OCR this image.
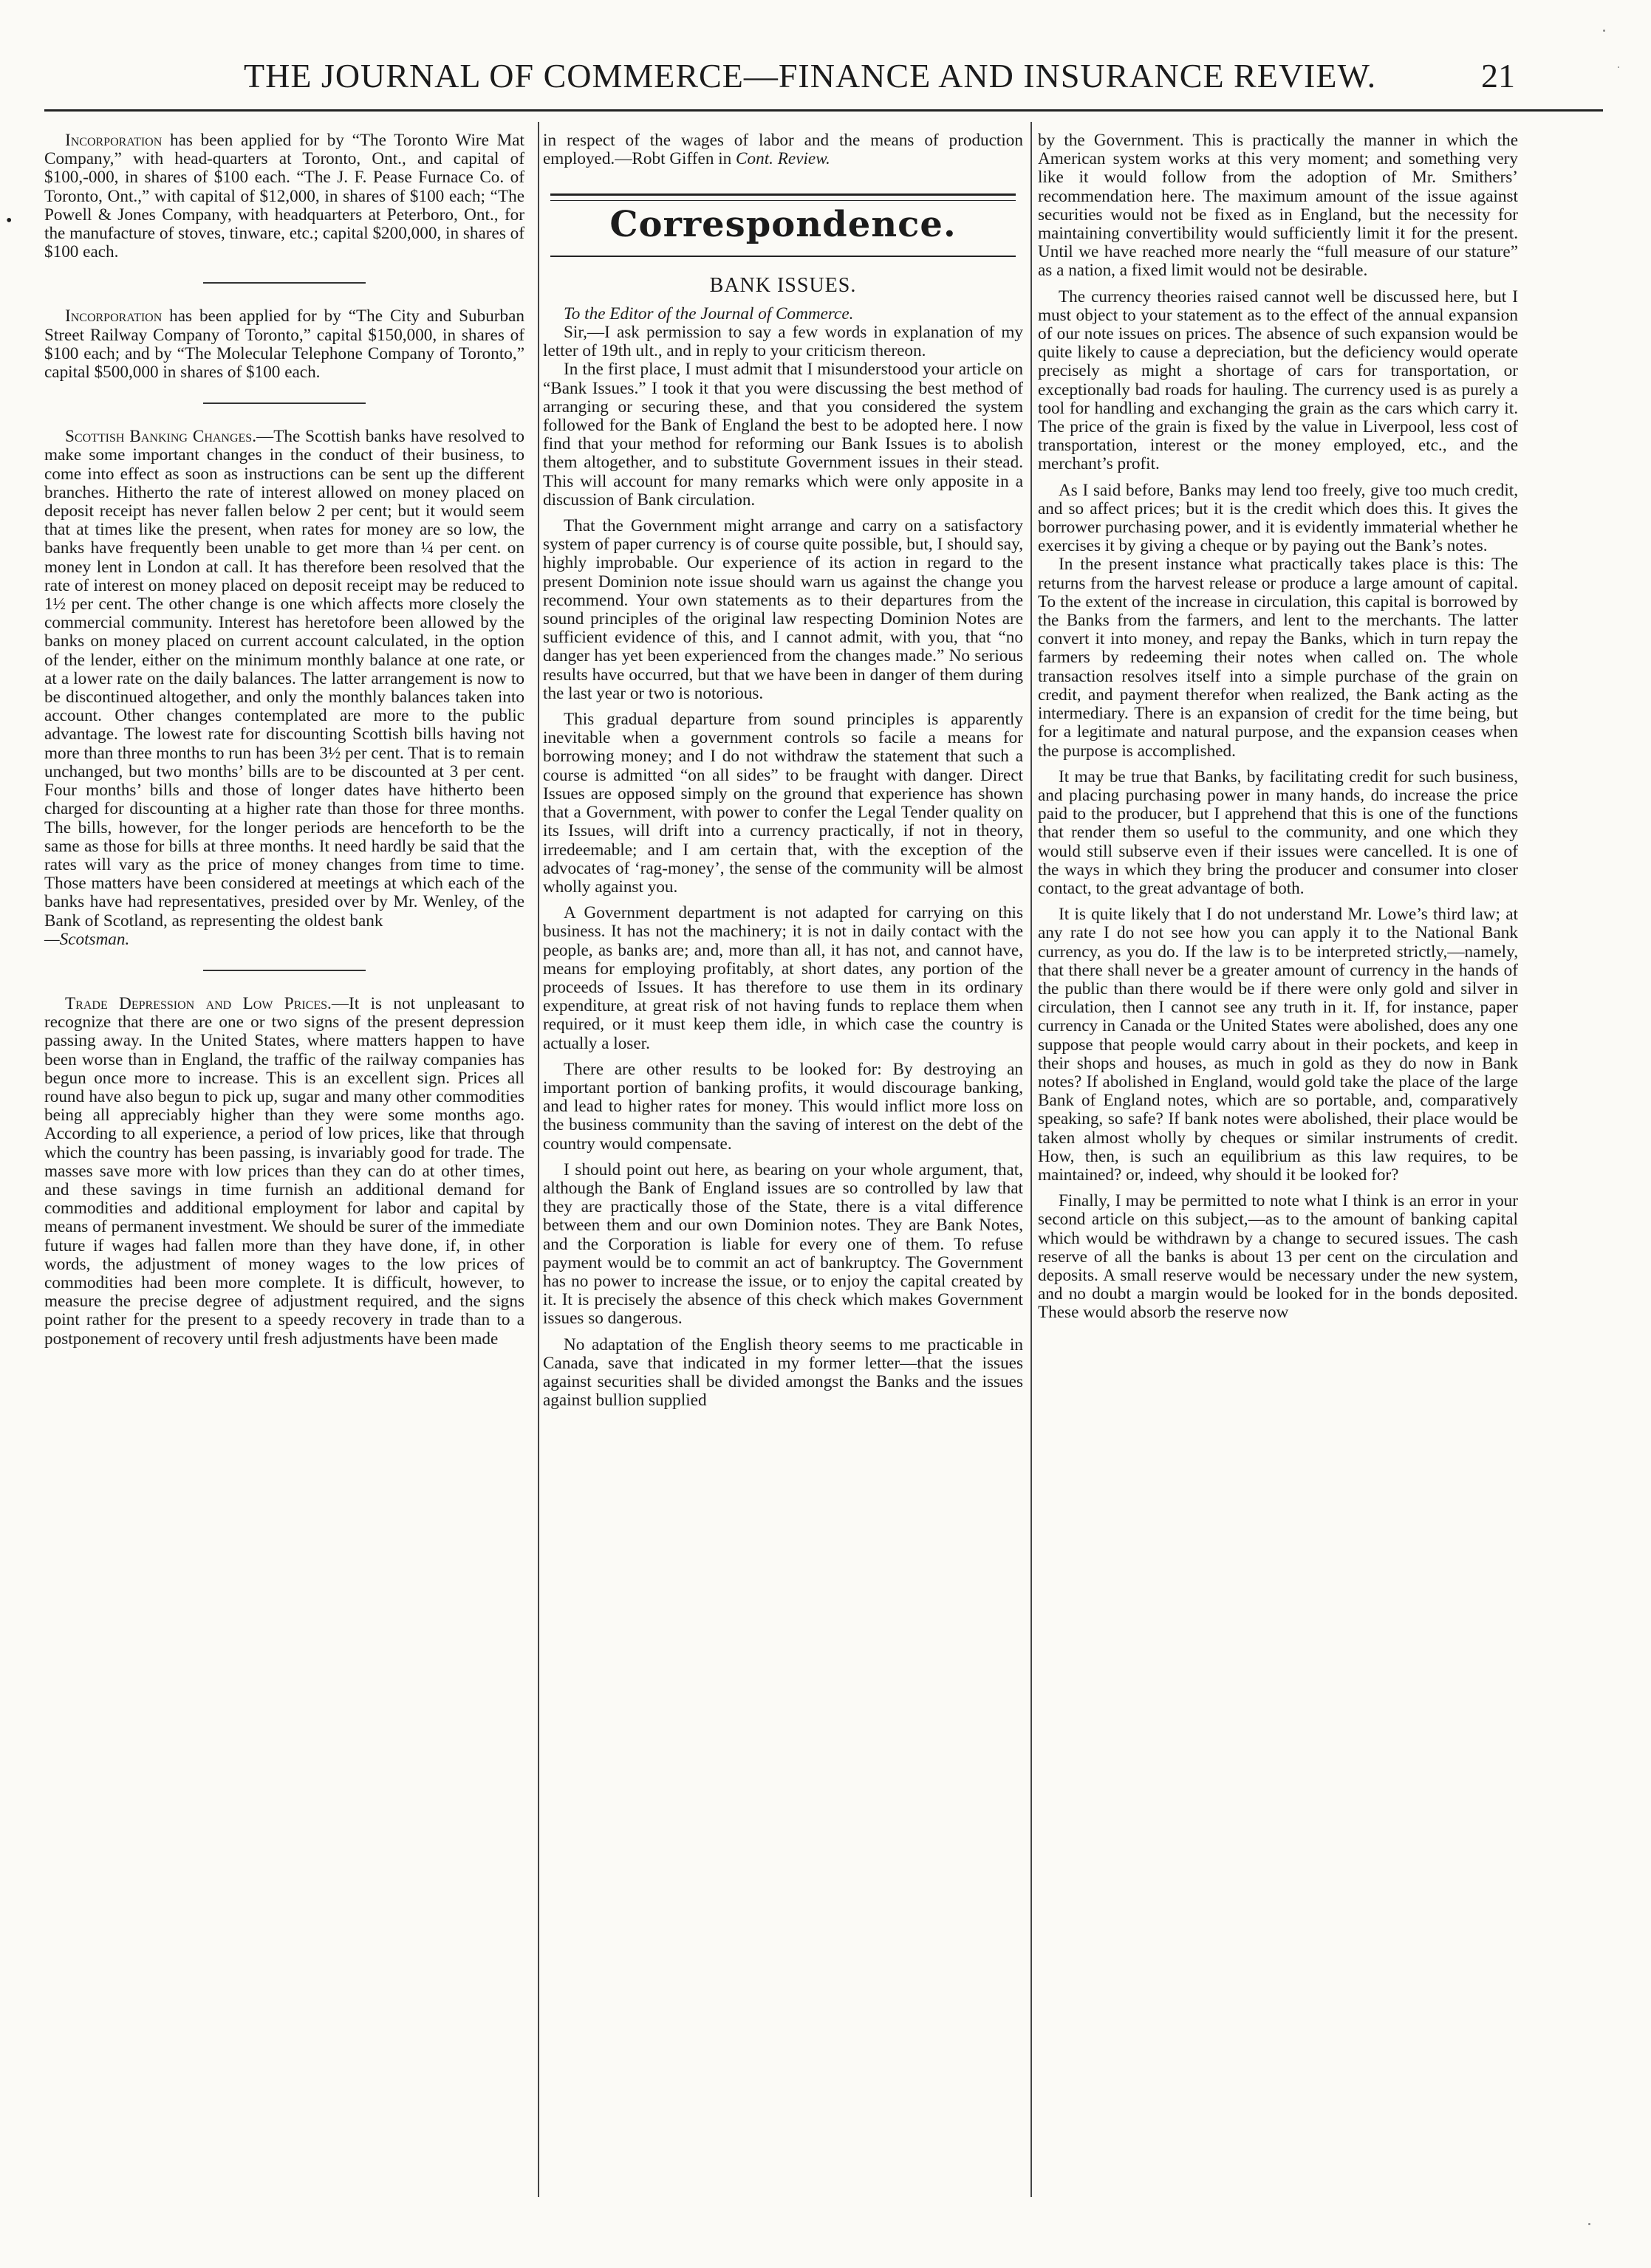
THE JOURNAL OF COMMERCE—FINANCE AND INSURANCE REVIEW.	21
•

Incorporation has been applied for by “The Toronto Wire Mat Company,” with head-quarters at Toronto, Ont., and capital of $100,-000, in shares of $100 each. “The J. F. Pease Furnace Co. of Toronto, Ont.,” with capital of $12,000, in shares of $100 each; “The Powell & Jones Company, with headquarters at Peterboro, Ont., for the manufacture of stoves, tinware, etc.; capital $200,000, in shares of $100 each.

Incorporation has been applied for by “The City and Suburban Street Railway Company of Toronto,” capital $150,000, in shares of $100 each; and by “The Molecular Telephone Company of Toronto,” capital $500,000 in shares of $100 each.

Scottish Banking Changes.—The Scottish banks have resolved to make some important changes in the conduct of their business, to come into effect as soon as instructions can be sent up the different branches. Hitherto the rate of interest allowed on money placed on deposit receipt has never fallen below 2 per cent; but it would seem that at times like the present, when rates for money are so low, the banks have frequently been unable to get more than ¼ per cent. on money lent in London at call. It has therefore been resolved that the rate of interest on money placed on deposit receipt may be reduced to 1½ per cent. The other change is one which affects more closely the commercial community. Interest has heretofore been allowed by the banks on money placed on current account calculated, in the option of the lender, either on the minimum monthly balance at one rate, or at a lower rate on the daily balances. The latter arrangement is now to be discontinued altogether, and only the monthly balances taken into account. Other changes contemplated are more to the public advantage. The lowest rate for discounting Scottish bills having not more than three months to run has been 3½ per cent. That is to remain unchanged, but two months’ bills are to be discounted at 3 per cent. Four months’ bills and those of longer dates have hitherto been charged for discounting at a higher rate than those for three months. The bills, however, for the longer periods are henceforth to be the same as those for bills at three months. It need hardly be said that the rates will vary as the price of money changes from time to time. Those matters have been considered at meetings at which each of the banks have had representatives, presided over by Mr. Wenley, of the Bank of Scotland, as representing the oldest bank
—Scotsman.

Trade Depression and Low Prices.—It is not unpleasant to recognize that there are one or two signs of the present depression passing away. In the United States, where matters happen to have been worse than in England, the traffic of the railway companies has begun once more to increase. This is an excellent sign. Prices all round have also begun to pick up, sugar and many other commodities being all appreciably higher than they were some months ago. According to all experience, a period of low prices, like that through which the country has been passing, is invariably good for trade. The masses save more with low prices than they can do at other times, and these savings in time furnish an additional demand for commodities and additional employment for labor and capital by means of permanent investment. We should be surer of the immediate future if wages had fallen more than they have done, if, in other words, the adjustment of money wages to the low prices of commodities had been more complete. It is difficult, however, to measure the precise degree of adjustment required, and the signs point rather for the present to a speedy recovery in trade than to a postponement of recovery until fresh adjustments have been made

in respect of the wages of labor and the means of production employed.—Robt Giffen in Cont. Review.

Correspondence.
BANK ISSUES.

To the Editor of the Journal of Commerce.

Sir,—I ask permission to say a few words in explanation of my letter of 19th ult., and in reply to your criticism thereon.

In the first place, I must admit that I misunderstood your article on “Bank Issues.” I took it that you were discussing the best method of arranging or securing these, and that you considered the system followed for the Bank of England the best to be adopted here. I now find that your method for reforming our Bank Issues is to abolish them altogether, and to substitute Government issues in their stead. This will account for many remarks which were only apposite in a discussion of Bank circulation.

That the Government might arrange and carry on a satisfactory system of paper currency is of course quite possible, but, I should say, highly improbable. Our experience of its action in regard to the present Dominion note issue should warn us against the change you recommend. Your own statements as to their departures from the sound principles of the original law respecting Dominion Notes are sufficient evidence of this, and I cannot admit, with you, that “no danger has yet been experienced from the changes made.” No serious results have occurred, but that we have been in danger of them during the last year or two is notorious.

This gradual departure from sound principles is apparently inevitable when a government controls so facile a means for borrowing money; and I do not withdraw the statement that such a course is admitted “on all sides” to be fraught with danger. Direct Issues are opposed simply on the ground that experience has shown that a Government, with power to confer the Legal Tender quality on its Issues, will drift into a currency practically, if not in theory, irredeemable; and I am certain that, with the exception of the advocates of ‘rag-money’, the sense of the community will be almost wholly against you.

A Government department is not adapted for carrying on this business. It has not the machinery; it is not in daily contact with the people, as banks are; and, more than all, it has not, and cannot have, means for employing profitably, at short dates, any portion of the proceeds of Issues. It has therefore to use them in its ordinary expenditure, at great risk of not having funds to replace them when required, or it must keep them idle, in which case the country is actually a loser.

There are other results to be looked for: By destroying an important portion of banking profits, it would discourage banking, and lead to higher rates for money. This would inflict more loss on the business community than the saving of interest on the debt of the country would compensate.

I should point out here, as bearing on your whole argument, that, although the Bank of England issues are so controlled by law that they are practically those of the State, there is a vital difference between them and our own Dominion notes. They are Bank Notes, and the Corporation is liable for every one of them. To refuse payment would be to commit an act of bankruptcy. The Government has no power to increase the issue, or to enjoy the capital created by it. It is precisely the absence of this check which makes Government issues so dangerous.

No adaptation of the English theory seems to me practicable in Canada, save that indicated in my former letter—that the issues against securities shall be divided amongst the Banks and the issues against bullion supplied

by the Government. This is practically the manner in which the American system works at this very moment; and something very like it would follow from the adoption of Mr. Smithers’ recommendation here. The maximum amount of the issue against securities would not be fixed as in England, but the necessity for maintaining convertibility would sufficiently limit it for the present. Until we have reached more nearly the “full measure of our stature” as a nation, a fixed limit would not be desirable.

The currency theories raised cannot well be discussed here, but I must object to your statement as to the effect of the annual expansion of our note issues on prices. The absence of such expansion would be quite likely to cause a depreciation, but the deficiency would operate precisely as might a shortage of cars for transportation, or exceptionally bad roads for hauling. The currency used is as purely a tool for handling and exchanging the grain as the cars which carry it. The price of the grain is fixed by the value in Liverpool, less cost of transportation, interest or the money employed, etc., and the merchant’s profit.

As I said before, Banks may lend too freely, give too much credit, and so affect prices; but it is the credit which does this. It gives the borrower purchasing power, and it is evidently immaterial whether he exercises it by giving a cheque or by paying out the Bank’s notes.

In the present instance what practically takes place is this: The returns from the harvest release or produce a large amount of capital. To the extent of the increase in circulation, this capital is borrowed by the Banks from the farmers, and lent to the merchants. The latter convert it into money, and repay the Banks, which in turn repay the farmers by redeeming their notes when called on. The whole transaction resolves itself into a simple purchase of the grain on credit, and payment therefor when realized, the Bank acting as the intermediary. There is an expansion of credit for the time being, but for a legitimate and natural purpose, and the expansion ceases when the purpose is accomplished.

It may be true that Banks, by facilitating credit for such business, and placing purchasing power in many hands, do increase the price paid to the producer, but I apprehend that this is one of the functions that render them so useful to the community, and one which they would still subserve even if their issues were cancelled. It is one of the ways in which they bring the producer and consumer into closer contact, to the great advantage of both.

It is quite likely that I do not understand Mr. Lowe’s third law; at any rate I do not see how you can apply it to the National Bank currency, as you do. If the law is to be interpreted strictly,—namely, that there shall never be a greater amount of currency in the hands of the public than there would be if there were only gold and silver in circulation, then I cannot see any truth in it. If, for instance, paper currency in Canada or the United States were abolished, does any one suppose that people would carry about in their pockets, and keep in their shops and houses, as much in gold as they do now in Bank notes? If abolished in England, would gold take the place of the large Bank of England notes, which are so portable, and, comparatively speaking, so safe? If bank notes were abolished, their place would be taken almost wholly by cheques or similar instruments of credit. How, then, is such an equilibrium as this law requires, to be maintained? or, indeed, why should it be looked for?

Finally, I may be permitted to note what I think is an error in your second article on this subject,—as to the amount of banking capital which would be withdrawn by a change to secured issues. The cash reserve of all the banks is about 13 per cent on the circulation and deposits. A small reserve would be necessary under the new system, and no doubt a margin would be looked for in the bonds deposited. These would absorb the reserve now
